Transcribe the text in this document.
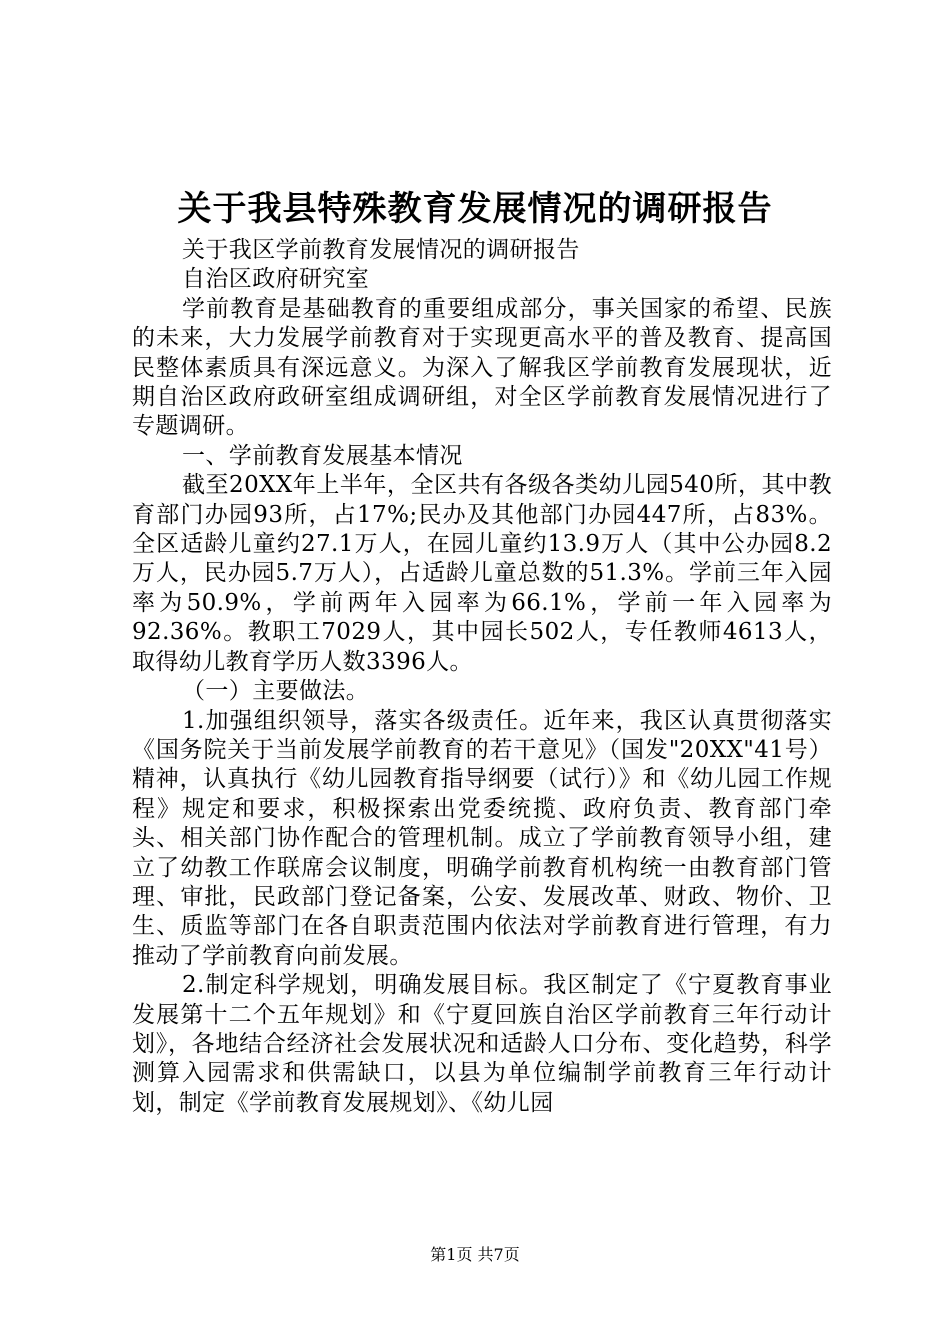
关于我县特殊教育发展情况的调研报告

关于我区学前教育发展情况的调研报告

自治区政府研究室

学前教育是基础教育的重要组成部分，事关国家的希望、民族的未来，大力发展学前教育对于实现更高水平的普及教育、提高国民整体素质具有深远意义。为深入了解我区学前教育发展现状，近期自治区政府政研室组成调研组，对全区学前教育发展情况进行了专题调研。

一、学前教育发展基本情况

截至20XX年上半年，全区共有各级各类幼儿园540所，其中教育部门办园93所，占17%;民办及其他部门办园447所，占83%。全区适龄儿童约27.1万人，在园儿童约13.9万人（其中公办园8.2万人，民办园5.7万人），占适龄儿童总数的51.3%。学前三年入园率为50.9%，学前两年入园率为66.1%，学前一年入园率为92.36%。教职工7029人，其中园长502人，专任教师4613人，取得幼儿教育学历人数3396人。

（一）主要做法。

1.加强组织领导，落实各级责任。近年来，我区认真贯彻落实《国务院关于当前发展学前教育的若干意见》（国发"20XX"41号）精神，认真执行《幼儿园教育指导纲要（试行）》和《幼儿园工作规程》规定和要求，积极探索出党委统揽、政府负责、教育部门牵头、相关部门协作配合的管理机制。成立了学前教育领导小组，建立了幼教工作联席会议制度，明确学前教育机构统一由教育部门管理、审批，民政部门登记备案，公安、发展改革、财政、物价、卫生、质监等部门在各自职责范围内依法对学前教育进行管理，有力推动了学前教育向前发展。

2.制定科学规划，明确发展目标。我区制定了《宁夏教育事业发展第十二个五年规划》和《宁夏回族自治区学前教育三年行动计划》，各地结合经济社会发展状况和适龄人口分布、变化趋势，科学测算入园需求和供需缺口，以县为单位编制学前教育三年行动计划，制定《学前教育发展规划》、《幼儿园

第1页 共7页
